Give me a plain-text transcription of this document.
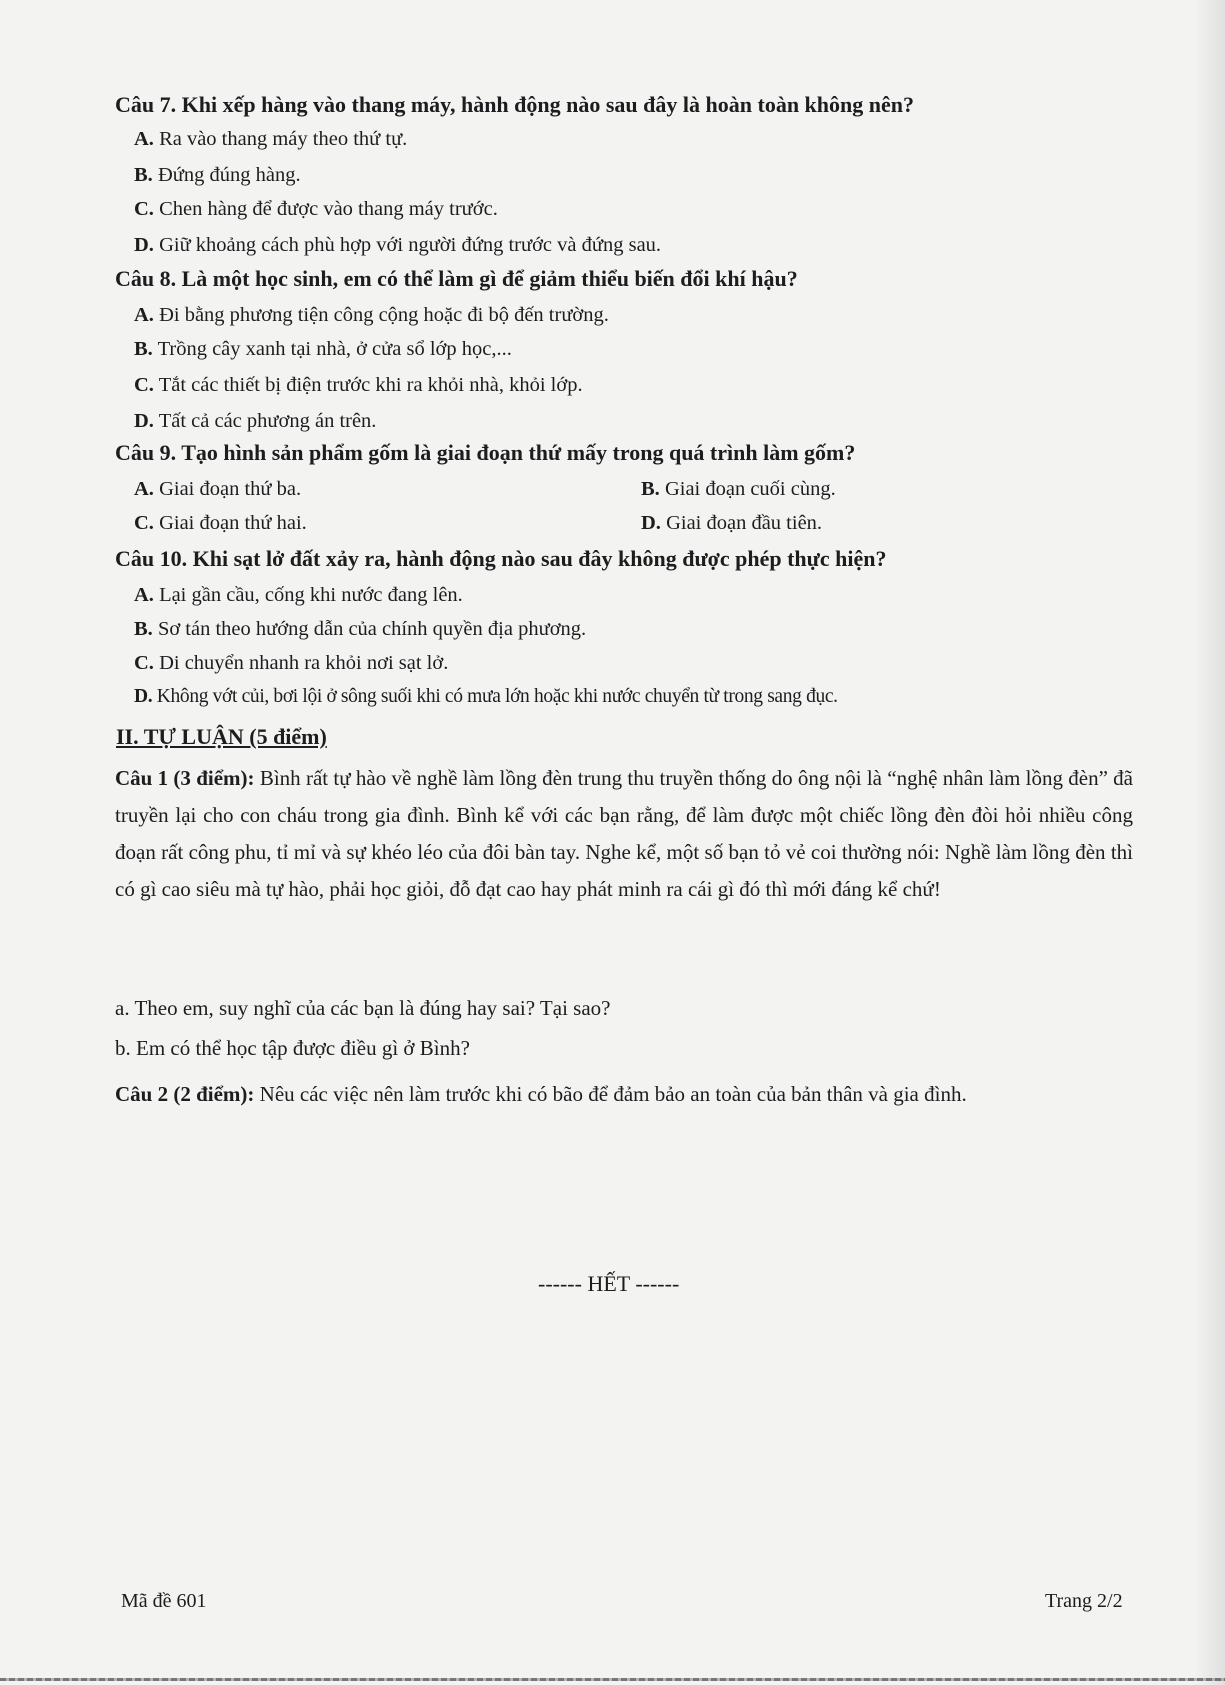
Câu 7. Khi xếp hàng vào thang máy, hành động nào sau đây là hoàn toàn không nên?
A. Ra vào thang máy theo thứ tự.
B. Đứng đúng hàng.
C. Chen hàng để được vào thang máy trước.
D. Giữ khoảng cách phù hợp với người đứng trước và đứng sau.
Câu 8. Là một học sinh, em có thể làm gì để giảm thiểu biến đổi khí hậu?
A. Đi bằng phương tiện công cộng hoặc đi bộ đến trường.
B. Trồng cây xanh tại nhà, ở cửa sổ lớp học,...
C. Tắt các thiết bị điện trước khi ra khỏi nhà, khỏi lớp.
D. Tất cả các phương án trên.
Câu 9. Tạo hình sản phẩm gốm là giai đoạn thứ mấy trong quá trình làm gốm?
A. Giai đoạn thứ ba.	B. Giai đoạn cuối cùng.
C. Giai đoạn thứ hai.	D. Giai đoạn đầu tiên.
Câu 10. Khi sạt lở đất xảy ra, hành động nào sau đây không được phép thực hiện?
A. Lại gần cầu, cống khi nước đang lên.
B. Sơ tán theo hướng dẫn của chính quyền địa phương.
C. Di chuyển nhanh ra khỏi nơi sạt lở.
D. Không vớt củi, bơi lội ở sông suối khi có mưa lớn hoặc khi nước chuyển từ trong sang đục.
II. TỰ LUẬN (5 điểm)
Câu 1 (3 điểm): Bình rất tự hào về nghề làm lồng đèn trung thu truyền thống do ông nội là “nghệ nhân làm lồng đèn” đã truyền lại cho con cháu trong gia đình. Bình kể với các bạn rằng, để làm được một chiếc lồng đèn đòi hỏi nhiều công đoạn rất công phu, tỉ mỉ và sự khéo léo của đôi bàn tay. Nghe kể, một số bạn tỏ vẻ coi thường nói: Nghề làm lồng đèn thì có gì cao siêu mà tự hào, phải học giỏi, đỗ đạt cao hay phát minh ra cái gì đó thì mới đáng kể chứ!
a. Theo em, suy nghĩ của các bạn là đúng hay sai? Tại sao?
b. Em có thể học tập được điều gì ở Bình?
Câu 2 (2 điểm): Nêu các việc nên làm trước khi có bão để đảm bảo an toàn của bản thân và gia đình.
------ HẾT ------
Mã đề 601	Trang 2/2
